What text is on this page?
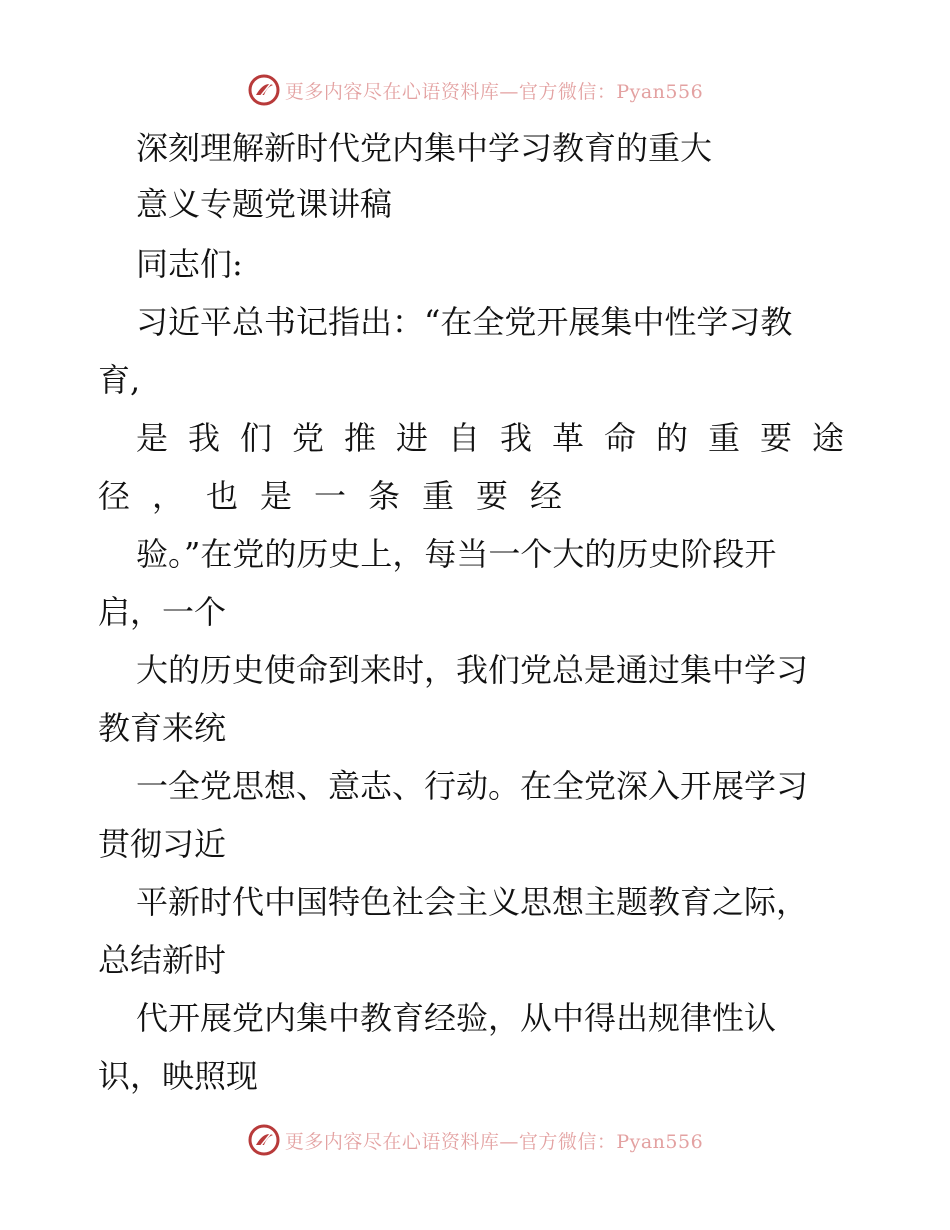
更多内容尽在心语资料库—官方微信：Pyan556
深刻理解新时代党内集中学习教育的重大
意义专题党课讲稿
同志们:
习近平总书记指出：“在全党开展集中性学习教
育,
是我们党推进自我革命的重要途
径，也是一条重要经
验。”在党的历史上，每当一个大的历史阶段开
启，一个
大的历史使命到来时，我们党总是通过集中学习
教育来统
一全党思想、意志、行动。在全党深入开展学习
贯彻习近
平新时代中国特色社会主义思想主题教育之际，
总结新时
代开展党内集中教育经验，从中得出规律性认
识，映照现
更多内容尽在心语资料库—官方微信：Pyan556
